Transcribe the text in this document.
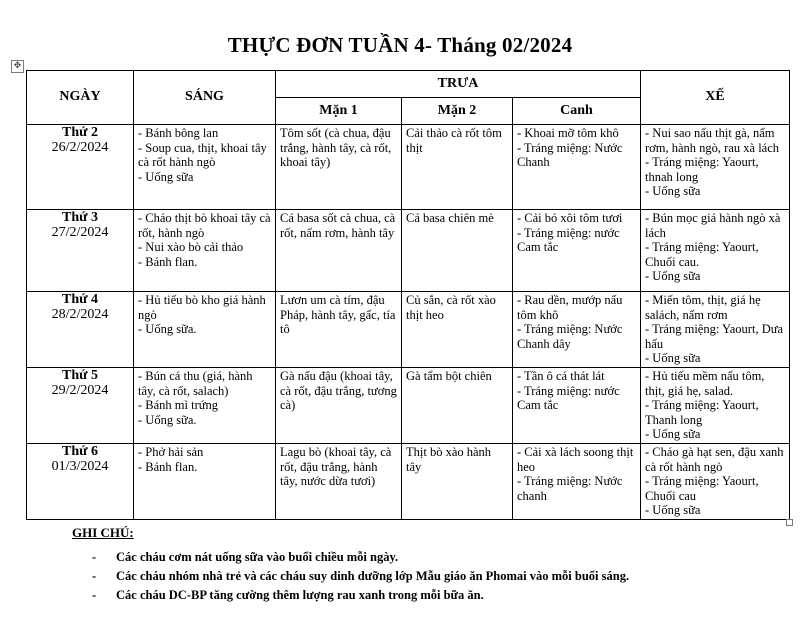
THỰC ĐƠN TUẦN 4- Tháng 02/2024
✥
NGÀY	SÁNG	TRƯA			XẾ
		Mặn 1	Mặn 2	Canh	

Thứ 2
26/2/2024	- Bánh bông lan
- Soup cua, thịt, khoai tây cà rốt hành ngò
- Uống sữa	Tôm sốt (cà chua, đậu trắng, hành tây, cà rốt, khoai tây)	Cải thảo cà rốt tôm thịt	- Khoai mỡ tôm khô
- Tráng miệng: Nước Chanh	- Nui sao nấu thịt gà, nấm rơm, hành ngò, rau xà lách
- Tráng miệng: Yaourt, thnah long
- Uống sữa

Thứ 3
27/2/2024	- Cháo thịt bò khoai tây cà rốt, hành ngò
- Nui xào bò cải thảo
- Bánh flan.	Cá basa sốt cà chua, cà rốt, nấm rơm, hành tây	Cá basa chiên mè	- Cải bó xôi tôm tươi
- Tráng miệng: nước Cam tắc	- Bún mọc giá hành ngò xà lách
- Tráng miệng: Yaourt, Chuối cau.
- Uống sữa

Thứ 4
28/2/2024	- Hủ tiếu bò kho giá hành ngò
- Uống sữa.	Lươn um cà tím, đậu Pháp, hành tây, gấc, tía tô	Củ sắn, cà rốt xào thịt heo	- Rau dền, mướp nấu tôm khô
- Tráng miệng: Nước Chanh dây	- Miến tôm, thịt, giá hẹ salách, nấm rơm
- Tráng miệng: Yaourt, Dưa hấu
- Uống sữa

Thứ 5
29/2/2024	- Bún cá thu (giá, hành tây, cà rốt, salach)
- Bánh mì trứng
- Uống sữa.	Gà nấu đậu (khoai tây, cà rốt, đậu trắng, tương cà)	Gà tẩm bột chiên	- Tần ô cá thát lát
- Tráng miệng: nước Cam tắc	- Hủ tiếu mềm nấu tôm, thịt, giá hẹ, salad.
- Tráng miệng: Yaourt, Thanh long
- Uống sữa

Thứ 6
01/3/2024	- Phở hải sản
- Bánh flan.	Lagu bò (khoai tây, cà rốt, đậu trắng, hành tây, nước dừa tươi)	Thịt bò xào hành tây	- Cải xà lách soong thịt heo
- Tráng miệng: Nước chanh	- Cháo gà hạt sen, đậu xanh cà rốt hành ngò
- Tráng miệng: Yaourt, Chuối cau
- Uống sữa
GHI CHÚ:
- Các cháu cơm nát uống sữa vào buổi chiều mỗi ngày.
- Các cháu nhóm nhà trẻ và các cháu suy dinh dưỡng lớp Mẫu giáo ăn Phomai vào mỗi buổi sáng.
- Các cháu DC-BP tăng cường thêm lượng rau xanh trong mỗi bữa ăn.
